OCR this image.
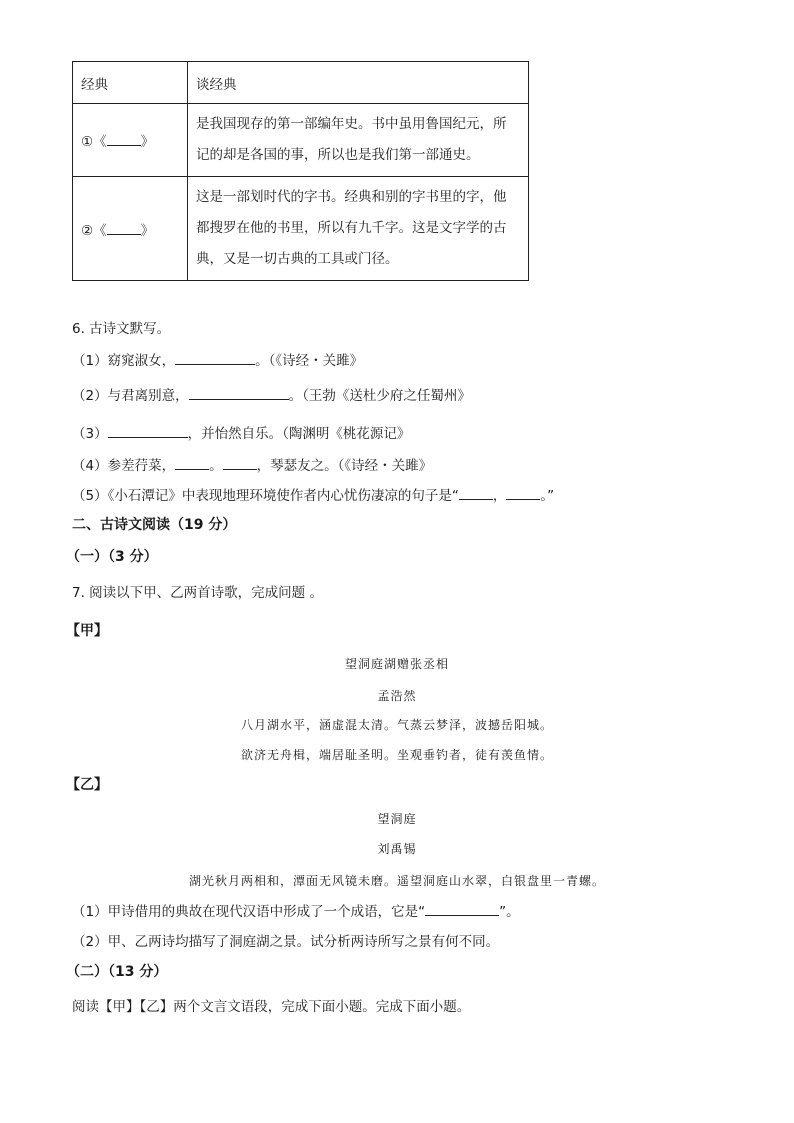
经典	谈经典
①《 》	是我国现存的第一部编年史。书中虽用鲁国纪元，所
记的却是各国的事，所以也是我们第一部通史。

②《 》	这是一部划时代的字书。经典和别的字书里的字，他
都搜罗在他的书里，所以有九千字。这是文字学的古
典，又是一切古典的工具或门径。
6. 古诗文默写。
（1）窈窕淑女，	。（《诗经・关雎》
（2）与君离别意，	。（王勃《送杜少府之任蜀州》
（3）	，并怡然自乐。（陶渊明《桃花源记》
（4）参差荇菜，	。	，琴瑟友之。（《诗经・关雎》
（5）《小石潭记》中表现地理环境使作者内心忧伤凄凉的句子是“	，	。”
二、古诗文阅读（19 分）
（一）（3 分）
7. 阅读以下甲、乙两首诗歌，完成问题 。
【甲】
望洞庭湖赠张丞相
孟浩然
八月湖水平，涵虚混太清。气蒸云梦泽，波撼岳阳城。
欲济无舟楫，端居耻圣明。坐观垂钓者，徒有羡鱼情。
【乙】
望洞庭
刘禹锡
湖光秋月两相和，潭面无风镜未磨。遥望洞庭山水翠，白银盘里一青螺。
（1）甲诗借用的典故在现代汉语中形成了一个成语，它是“	”。
（2）甲、乙两诗均描写了洞庭湖之景。试分析两诗所写之景有何不同。
（二）（13 分）
阅读【甲】【乙】两个文言文语段，完成下面小题。完成下面小题。
